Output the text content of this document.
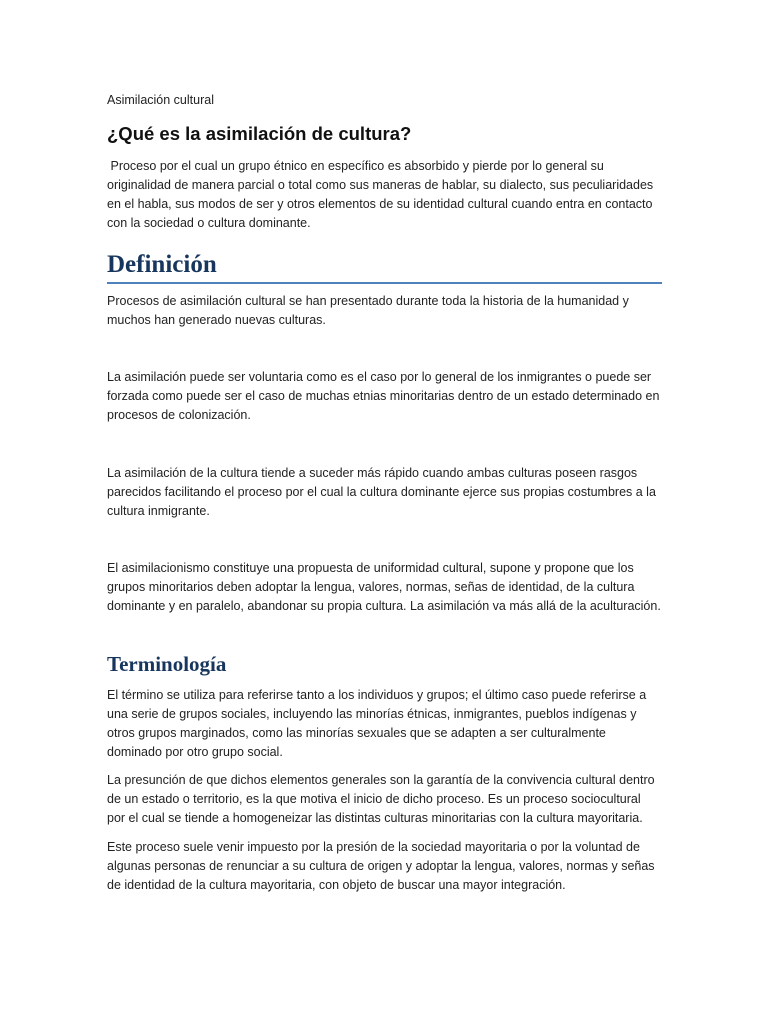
Asimilación cultural
¿Qué es la asimilación de cultura?

Proceso por el cual un grupo étnico en específico es absorbido y pierde por lo general su originalidad de manera parcial o total como sus maneras de hablar, su dialecto, sus peculiaridades en el habla, sus modos de ser y otros elementos de su identidad cultural cuando entra en contacto con la sociedad o cultura dominante.

Definición

Procesos de asimilación cultural se han presentado durante toda la historia de la humanidad y muchos han generado nuevas culturas.

La asimilación puede ser voluntaria como es el caso por lo general de los inmigrantes o puede ser forzada como puede ser el caso de muchas etnias minoritarias dentro de un estado determinado en procesos de colonización.

La asimilación de la cultura tiende a suceder más rápido cuando ambas culturas poseen rasgos parecidos facilitando el proceso por el cual la cultura dominante ejerce sus propias costumbres a la cultura inmigrante.

El asimilacionismo constituye una propuesta de uniformidad cultural, supone y propone que los grupos minoritarios deben adoptar la lengua, valores, normas, señas de identidad, de la cultura dominante y en paralelo, abandonar su propia cultura. La asimilación va más allá de la aculturación.

Terminología

El término se utiliza para referirse tanto a los individuos y grupos; el último caso puede referirse a una serie de grupos sociales, incluyendo las minorías étnicas, inmigrantes, pueblos indígenas y otros grupos marginados, como las minorías sexuales que se adapten a ser culturalmente dominado por otro grupo social.

La presunción de que dichos elementos generales son la garantía de la convivencia cultural dentro de un estado o territorio, es la que motiva el inicio de dicho proceso. Es un proceso sociocultural por el cual se tiende a homogeneizar las distintas culturas minoritarias con la cultura mayoritaria.

Este proceso suele venir impuesto por la presión de la sociedad mayoritaria o por la voluntad de algunas personas de renunciar a su cultura de origen y adoptar la lengua, valores, normas y señas de identidad de la cultura mayoritaria, con objeto de buscar una mayor integración.
